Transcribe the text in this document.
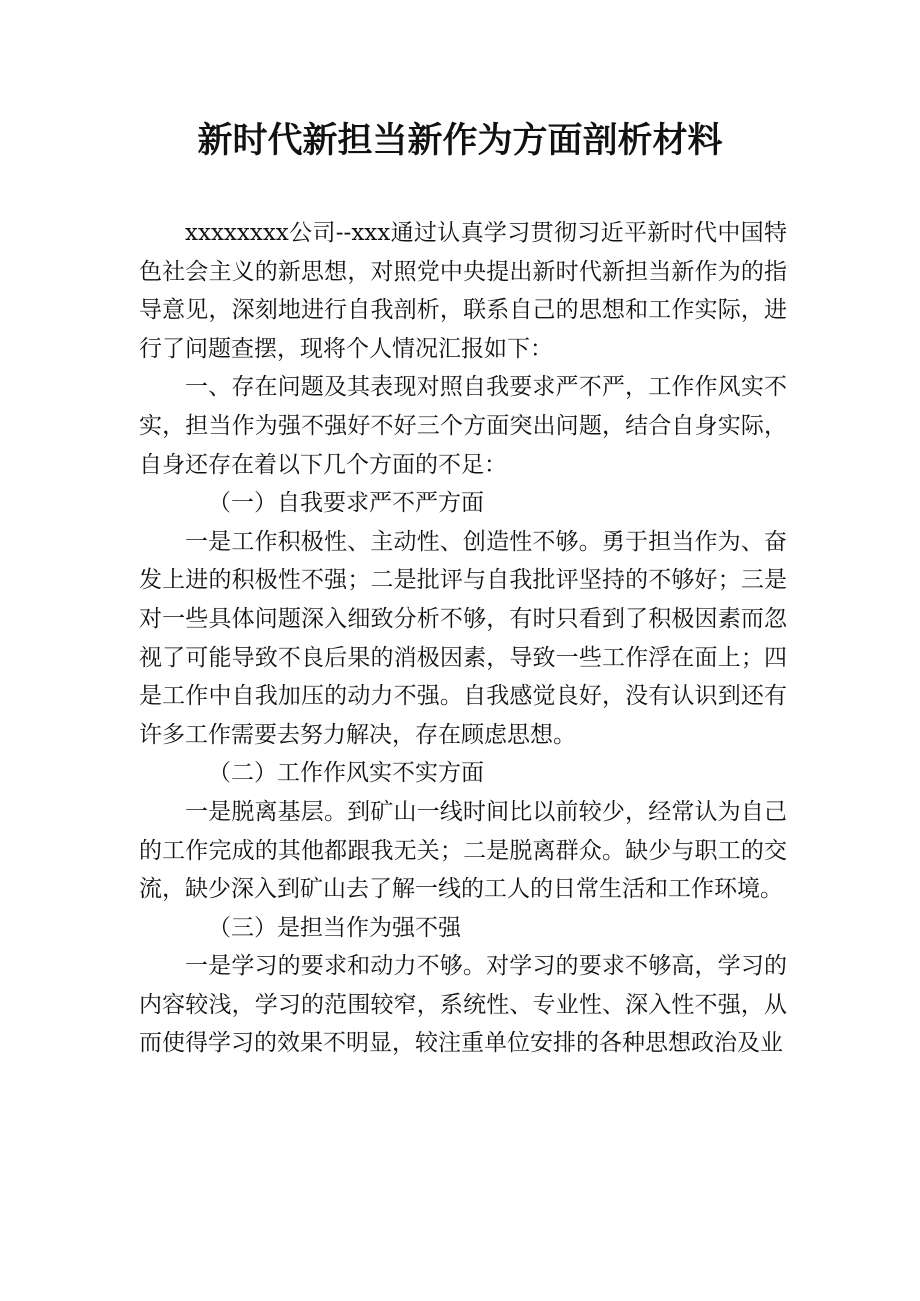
新时代新担当新作为方面剖析材料

xxxxxxxx公司--xxx通过认真学习贯彻习近平新时代中国特色社会主义的新思想，对照党中央提出新时代新担当新作为的指导意见，深刻地进行自我剖析，联系自己的思想和工作实际，进行了问题查摆，现将个人情况汇报如下：

一、存在问题及其表现对照自我要求严不严，工作作风实不实，担当作为强不强好不好三个方面突出问题，结合自身实际，自身还存在着以下几个方面的不足：

（一）自我要求严不严方面

一是工作积极性、主动性、创造性不够。勇于担当作为、奋发上进的积极性不强；二是批评与自我批评坚持的不够好；三是对一些具体问题深入细致分析不够，有时只看到了积极因素而忽视了可能导致不良后果的消极因素，导致一些工作浮在面上；四是工作中自我加压的动力不强。自我感觉良好，没有认识到还有许多工作需要去努力解决，存在顾虑思想。

（二）工作作风实不实方面

一是脱离基层。到矿山一线时间比以前较少，经常认为自己的工作完成的其他都跟我无关；二是脱离群众。缺少与职工的交流，缺少深入到矿山去了解一线的工人的日常生活和工作环境。

（三）是担当作为强不强

一是学习的要求和动力不够。对学习的要求不够高，学习的内容较浅，学习的范围较窄，系统性、专业性、深入性不强，从而使得学习的效果不明显，较注重单位安排的各种思想政治及业
